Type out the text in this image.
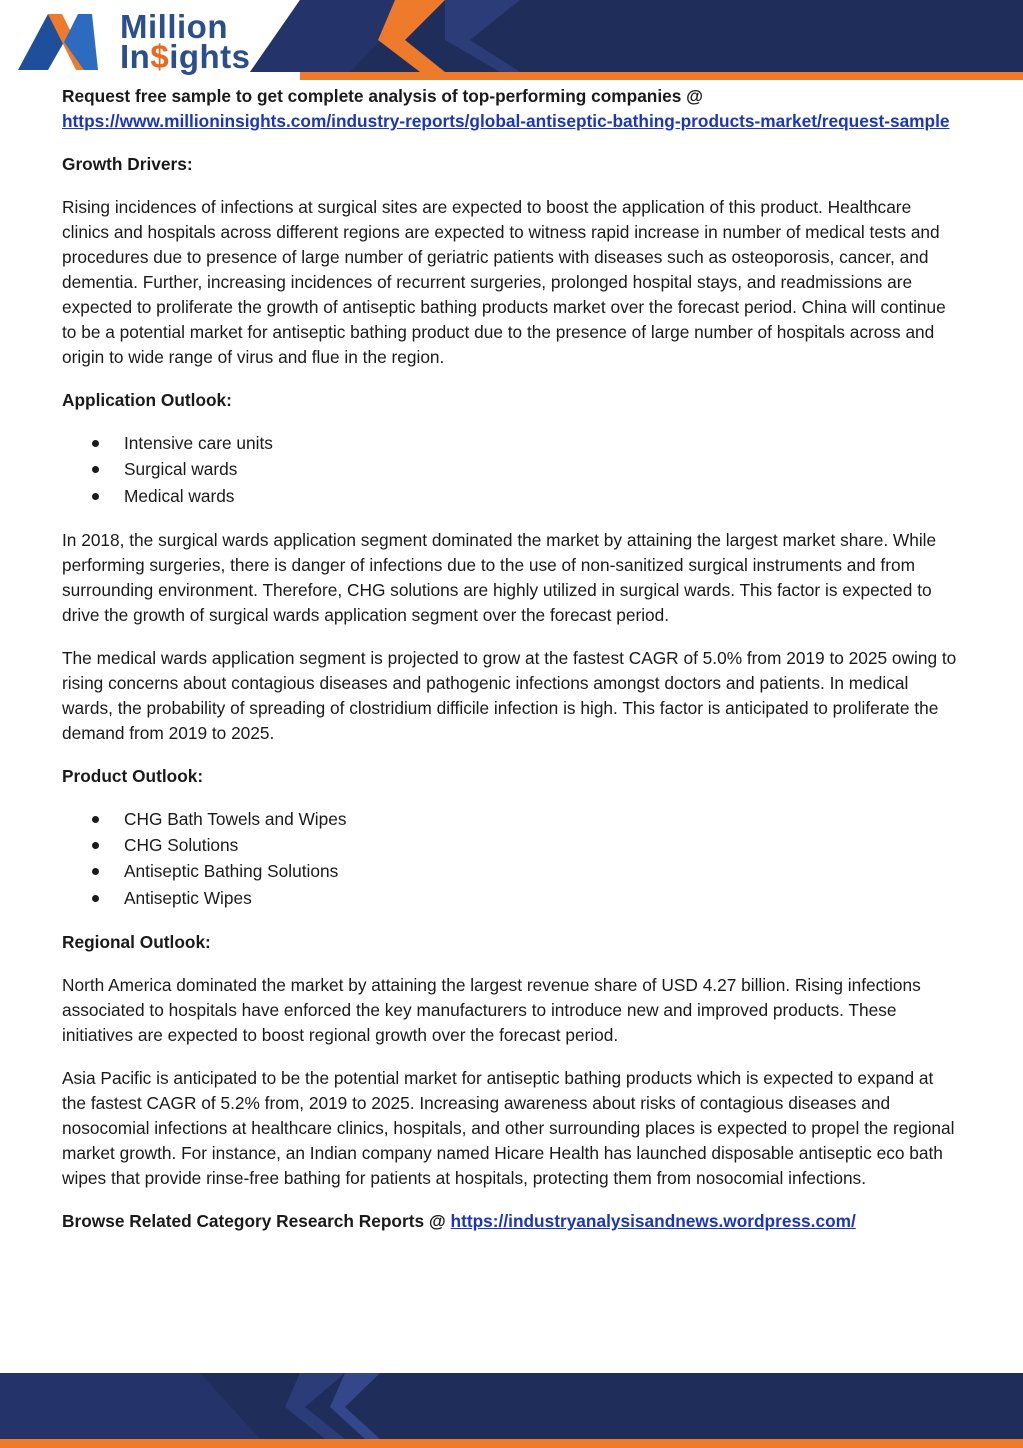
Million
In$ights

Request free sample to get complete analysis of top-performing companies @
https://www.millioninsights.com/industry-reports/global-antiseptic-bathing-products-market/request-sample

Growth Drivers:

Rising incidences of infections at surgical sites are expected to boost the application of this product. Healthcare clinics and hospitals across different regions are expected to witness rapid increase in number of medical tests and procedures due to presence of large number of geriatric patients with diseases such as osteoporosis, cancer, and dementia. Further, increasing incidences of recurrent surgeries, prolonged hospital stays, and readmissions are expected to proliferate the growth of antiseptic bathing products market over the forecast period. China will continue to be a potential market for antiseptic bathing product due to the presence of large number of hospitals across and origin to wide range of virus and flue in the region.

Application Outlook:

Intensive care units
Surgical wards
Medical wards

In 2018, the surgical wards application segment dominated the market by attaining the largest market share. While performing surgeries, there is danger of infections due to the use of non-sanitized surgical instruments and from surrounding environment. Therefore, CHG solutions are highly utilized in surgical wards. This factor is expected to drive the growth of surgical wards application segment over the forecast period.

The medical wards application segment is projected to grow at the fastest CAGR of 5.0% from 2019 to 2025 owing to rising concerns about contagious diseases and pathogenic infections amongst doctors and patients. In medical wards, the probability of spreading of clostridium difficile infection is high. This factor is anticipated to proliferate the demand from 2019 to 2025.

Product Outlook:

CHG Bath Towels and Wipes
CHG Solutions
Antiseptic Bathing Solutions
Antiseptic Wipes

Regional Outlook:

North America dominated the market by attaining the largest revenue share of USD 4.27 billion. Rising infections associated to hospitals have enforced the key manufacturers to introduce new and improved products. These initiatives are expected to boost regional growth over the forecast period.

Asia Pacific is anticipated to be the potential market for antiseptic bathing products which is expected to expand at the fastest CAGR of 5.2% from, 2019 to 2025. Increasing awareness about risks of contagious diseases and nosocomial infections at healthcare clinics, hospitals, and other surrounding places is expected to propel the regional market growth. For instance, an Indian company named Hicare Health has launched disposable antiseptic eco bath wipes that provide rinse-free bathing for patients at hospitals, protecting them from nosocomial infections.

Browse Related Category Research Reports @ https://industryanalysisandnews.wordpress.com/
